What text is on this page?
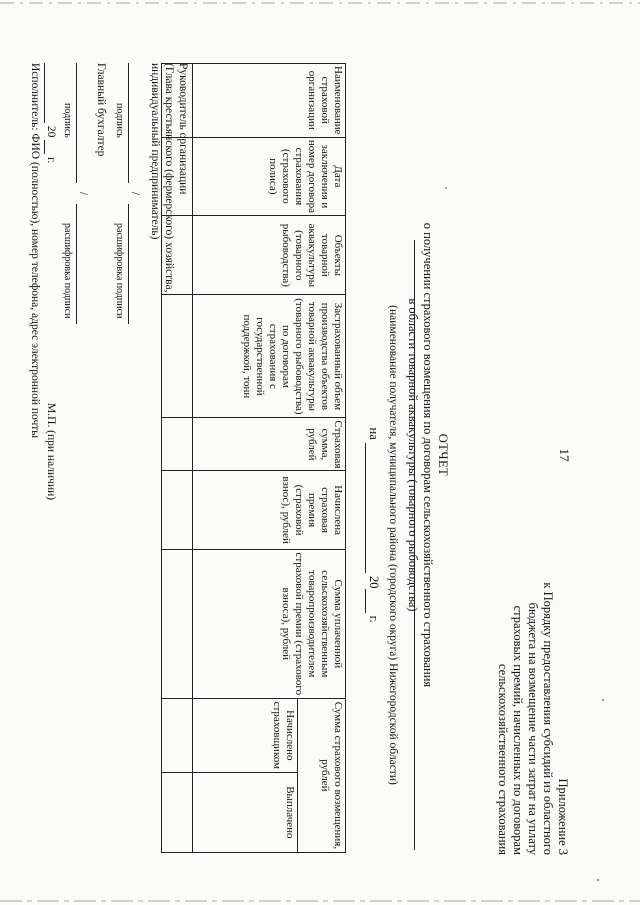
17
Приложение 3
к Порядку предоставления субсидий из областного
бюджета на возмещение части затрат на уплату
страховых премий, начисленных по договорам
сельскохозяйственного страхования
ОТЧЕТ
о получении страхового возмещения по договорам сельскохозяйственного страхования
в области товарной аквакультуры (товарного рыбоводства)
(наименование получателя, муниципального района (городского округа) Нижегородской области)
на   20  г.
Наименование страховой организации	Дата заключения и номер договора страхования (страхового полиса)	Объекты товарной аквакультуры (товарного рыбоводства)	Застрахованный объем производства объектов товарной аквакультуры (товарного рыбоводства) по договорам страхования с государственной поддержкой, тонн	Страховая сумма, рублей	Начислена страховая премия (страховой взнос), рублей	Сумма уплаченной сельскохозяйственным товаропроизводителем страховой премии (страхового взноса), рублей	Сумма страхового возмещения, рублей	
							Начислено страховщиком	Выплачено

Руководитель организации
(Глава крестьянского (фермерского) хозяйства,
индивидуальный предприниматель)
/
подпись
расшифровка подписи
Главный бухгалтер
/
подпись
расшифровка подписи
20  г.
М.П. (при наличии)
Исполнитель: ФИО (полностью), номер телефона, адрес электронной почты
